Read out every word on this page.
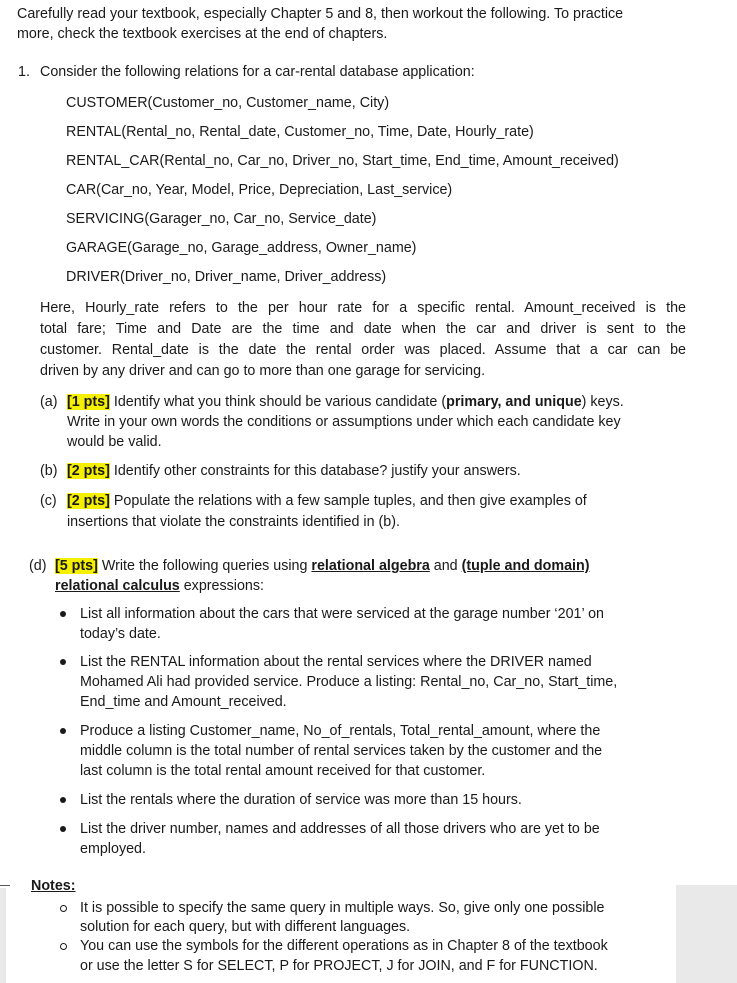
Carefully read your textbook, especially Chapter 5 and 8, then workout the following. To practice
more, check the textbook exercises at the end of chapters.
1. Consider the following relations for a car-rental database application:
CUSTOMER(Customer_no, Customer_name, City)
RENTAL(Rental_no, Rental_date, Customer_no, Time, Date, Hourly_rate)
RENTAL_CAR(Rental_no, Car_no, Driver_no, Start_time, End_time, Amount_received)
CAR(Car_no, Year, Model, Price, Depreciation, Last_service)
SERVICING(Garager_no, Car_no, Service_date)
GARAGE(Garage_no, Garage_address, Owner_name)
DRIVER(Driver_no, Driver_name, Driver_address)
Here, Hourly_rate refers to the per hour rate for a specific rental. Amount_received is the
total fare; Time and Date are the time and date when the car and driver is sent to the
customer. Rental_date is the date the rental order was placed. Assume that a car can be
driven by any driver and can go to more than one garage for servicing.
(a) [1 pts] Identify what you think should be various candidate (primary, and unique) keys.
Write in your own words the conditions or assumptions under which each candidate key
would be valid.
(b) [2 pts] Identify other constraints for this database? justify your answers.
(c) [2 pts] Populate the relations with a few sample tuples, and then give examples of
insertions that violate the constraints identified in (b).
(d) [5 pts] Write the following queries using relational algebra and (tuple and domain)
relational calculus expressions:
List all information about the cars that were serviced at the garage number ‘201’ on
today’s date.
List the RENTAL information about the rental services where the DRIVER named
Mohamed Ali had provided service. Produce a listing: Rental_no, Car_no, Start_time,
End_time and Amount_received.
Produce a listing Customer_name, No_of_rentals, Total_rental_amount, where the
middle column is the total number of rental services taken by the customer and the
last column is the total rental amount received for that customer.
List the rentals where the duration of service was more than 15 hours.
List the driver number, names and addresses of all those drivers who are yet to be
employed.
Notes:
It is possible to specify the same query in multiple ways. So, give only one possible
solution for each query, but with different languages.
You can use the symbols for the different operations as in Chapter 8 of the textbook
or use the letter S for SELECT, P for PROJECT, J for JOIN, and F for FUNCTION.
